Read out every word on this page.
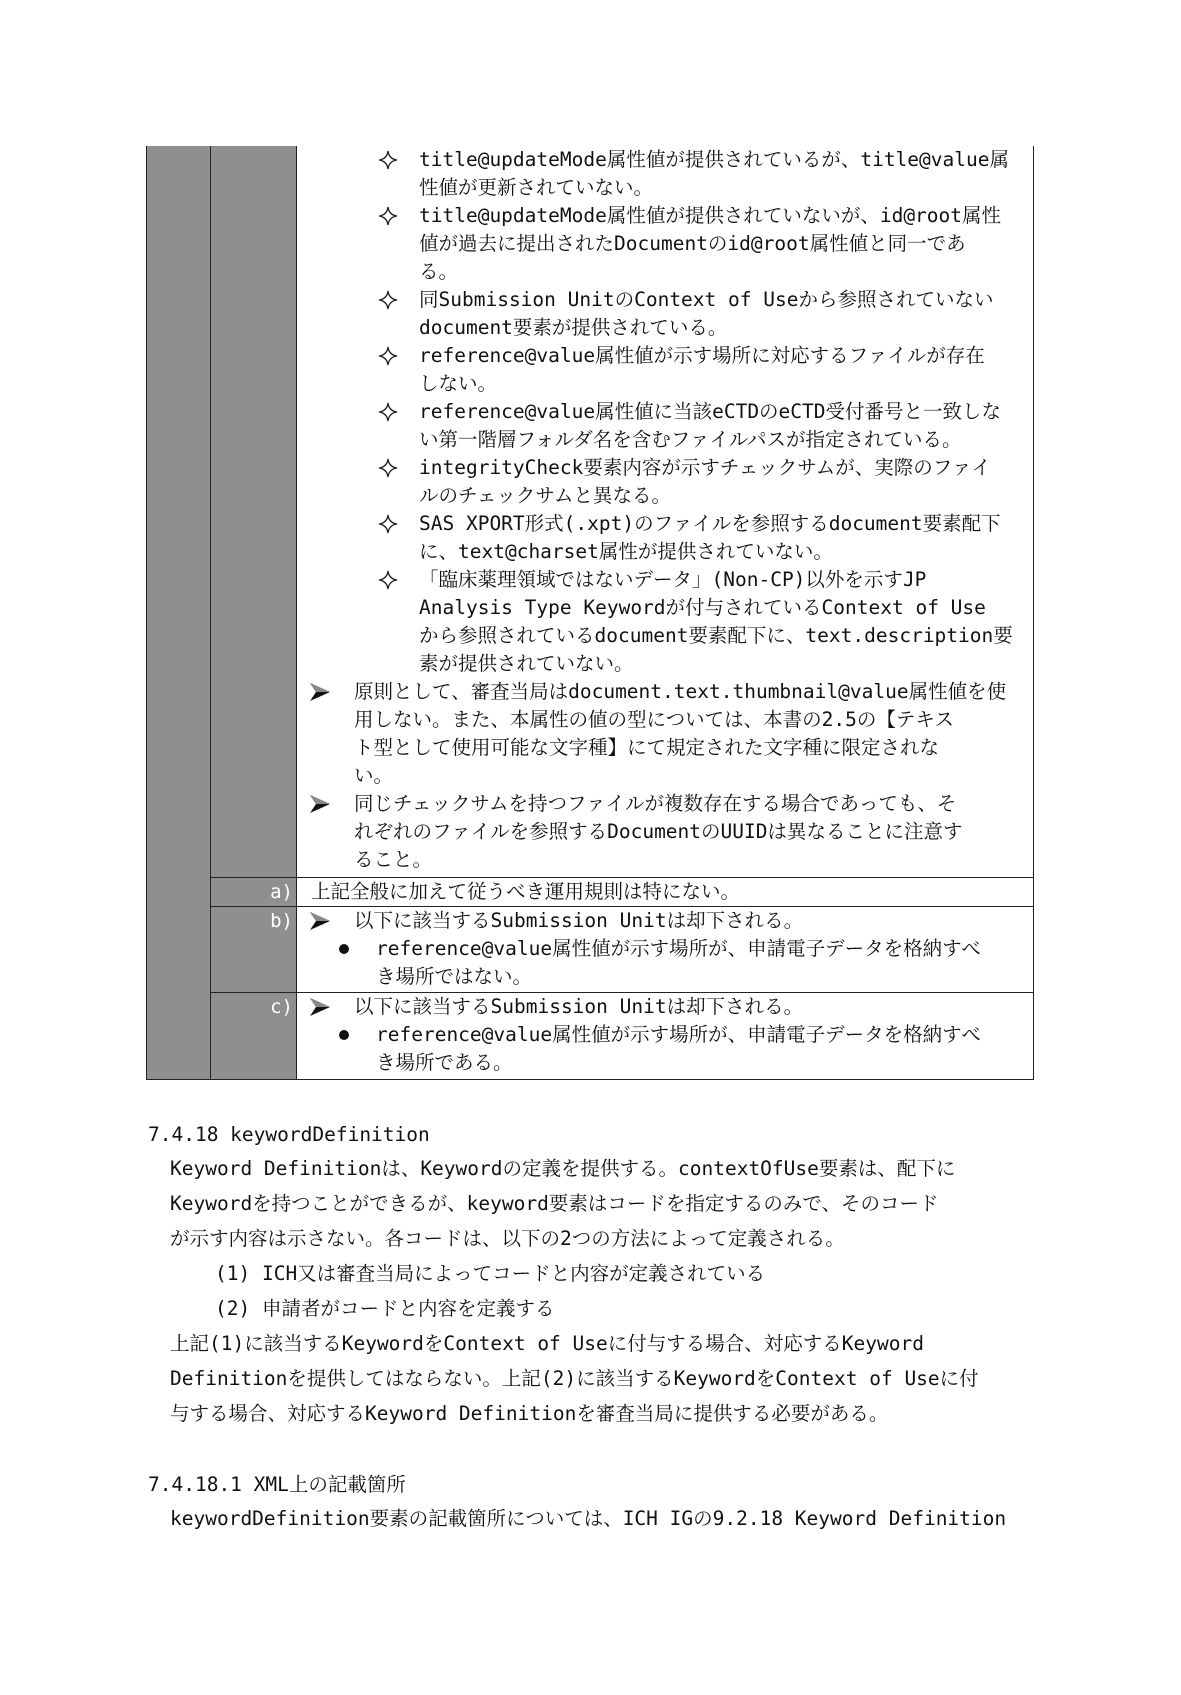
a)
b)
c)
title@updateMode属性値が提供されているが、title@value属
性値が更新されていない。
title@updateMode属性値が提供されていないが、id@root属性
値が過去に提出されたDocumentのid@root属性値と同一であ
る。
同Submission UnitのContext of Useから参照されていない
document要素が提供されている。
reference@value属性値が示す場所に対応するファイルが存在
しない。
reference@value属性値に当該eCTDのeCTD受付番号と一致しな
い第一階層フォルダ名を含むファイルパスが指定されている。
integrityCheck要素内容が示すチェックサムが、実際のファイ
ルのチェックサムと異なる。
SAS XPORT形式(.xpt)のファイルを参照するdocument要素配下
に、text@charset属性が提供されていない。
「臨床薬理領域ではないデータ」(Non-CP)以外を示すJP
Analysis Type Keywordが付与されているContext of Use
から参照されているdocument要素配下に、text.description要
素が提供されていない。
原則として、審査当局はdocument.text.thumbnail@value属性値を使
用しない。また、本属性の値の型については、本書の2.5の【テキス
ト型として使用可能な文字種】にて規定された文字種に限定されな
い。
同じチェックサムを持つファイルが複数存在する場合であっても、そ
れぞれのファイルを参照するDocumentのUUIDは異なることに注意す
ること。
上記全般に加えて従うべき運用規則は特にない。
以下に該当するSubmission Unitは却下される。
reference@value属性値が示す場所が、申請電子データを格納すべ
き場所ではない。
以下に該当するSubmission Unitは却下される。
reference@value属性値が示す場所が、申請電子データを格納すべ
き場所である。
7.4.18 keywordDefinition
Keyword Definitionは、Keywordの定義を提供する。contextOfUse要素は、配下に
Keywordを持つことができるが、keyword要素はコードを指定するのみで、そのコード
が示す内容は示さない。各コードは、以下の2つの方法によって定義される。
(1) ICH又は審査当局によってコードと内容が定義されている
(2) 申請者がコードと内容を定義する
上記(1)に該当するKeywordをContext of Useに付与する場合、対応するKeyword
Definitionを提供してはならない。上記(2)に該当するKeywordをContext of Useに付
与する場合、対応するKeyword Definitionを審査当局に提供する必要がある。
7.4.18.1 XML上の記載箇所
keywordDefinition要素の記載箇所については、ICH IGの9.2.18 Keyword Definition
